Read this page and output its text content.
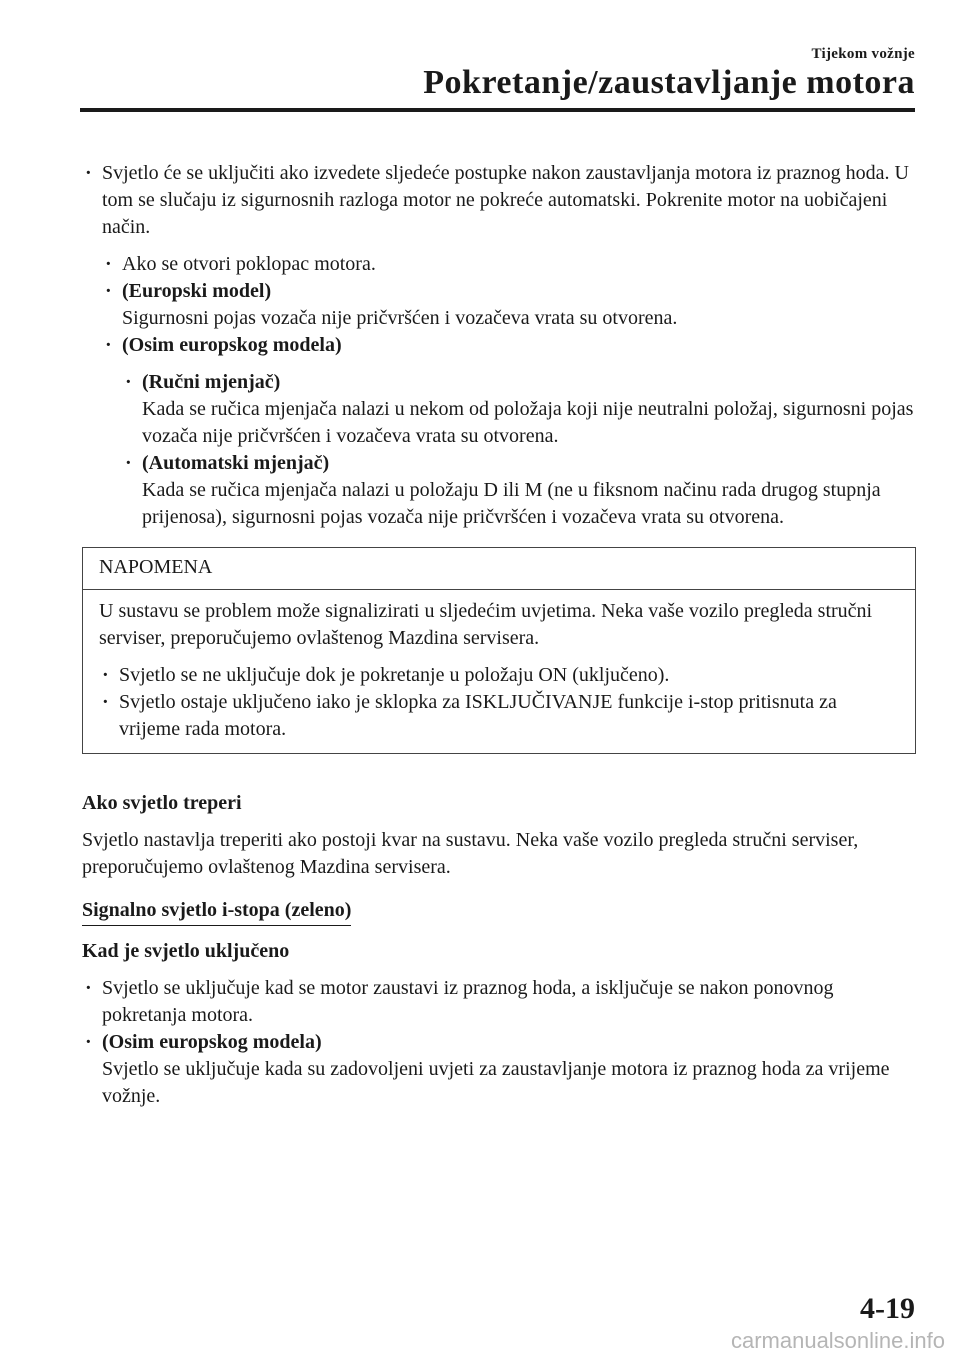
Tijekom vožnje
Pokretanje/zaustavljanje motora
· Svjetlo će se uključiti ako izvedete sljedeće postupke nakon zaustavljanja motora iz praznog hoda. U tom se slučaju iz sigurnosnih razloga motor ne pokreće automatski. Pokrenite motor na uobičajeni način.
· Ako se otvori poklopac motora.
· (Europski model)
Sigurnosni pojas vozača nije pričvršćen i vozačeva vrata su otvorena.
· (Osim europskog modela)
· (Ručni mjenjač)
Kada se ručica mjenjača nalazi u nekom od položaja koji nije neutralni položaj, sigurnosni pojas vozača nije pričvršćen i vozačeva vrata su otvorena.
· (Automatski mjenjač)
Kada se ručica mjenjača nalazi u položaju D ili M (ne u fiksnom načinu rada drugog stupnja prijenosa), sigurnosni pojas vozača nije pričvršćen i vozačeva vrata su otvorena.
NAPOMENA
U sustavu se problem može signalizirati u sljedećim uvjetima. Neka vaše vozilo pregleda stručni serviser, preporučujemo ovlaštenog Mazdina servisera.
· Svjetlo se ne uključuje dok je pokretanje u položaju ON (uključeno).
· Svjetlo ostaje uključeno iako je sklopka za ISKLJUČIVANJE funkcije i-stop pritisnuta za vrijeme rada motora.
Ako svjetlo treperi
Svjetlo nastavlja treperiti ako postoji kvar na sustavu. Neka vaše vozilo pregleda stručni serviser, preporučujemo ovlaštenog Mazdina servisera.
Signalno svjetlo i-stopa (zeleno)
Kad je svjetlo uključeno
· Svjetlo se uključuje kad se motor zaustavi iz praznog hoda, a isključuje se nakon ponovnog pokretanja motora.
· (Osim europskog modela)
Svjetlo se uključuje kada su zadovoljeni uvjeti za zaustavljanje motora iz praznog hoda za vrijeme vožnje.
4-19
carmanualsonline.info
